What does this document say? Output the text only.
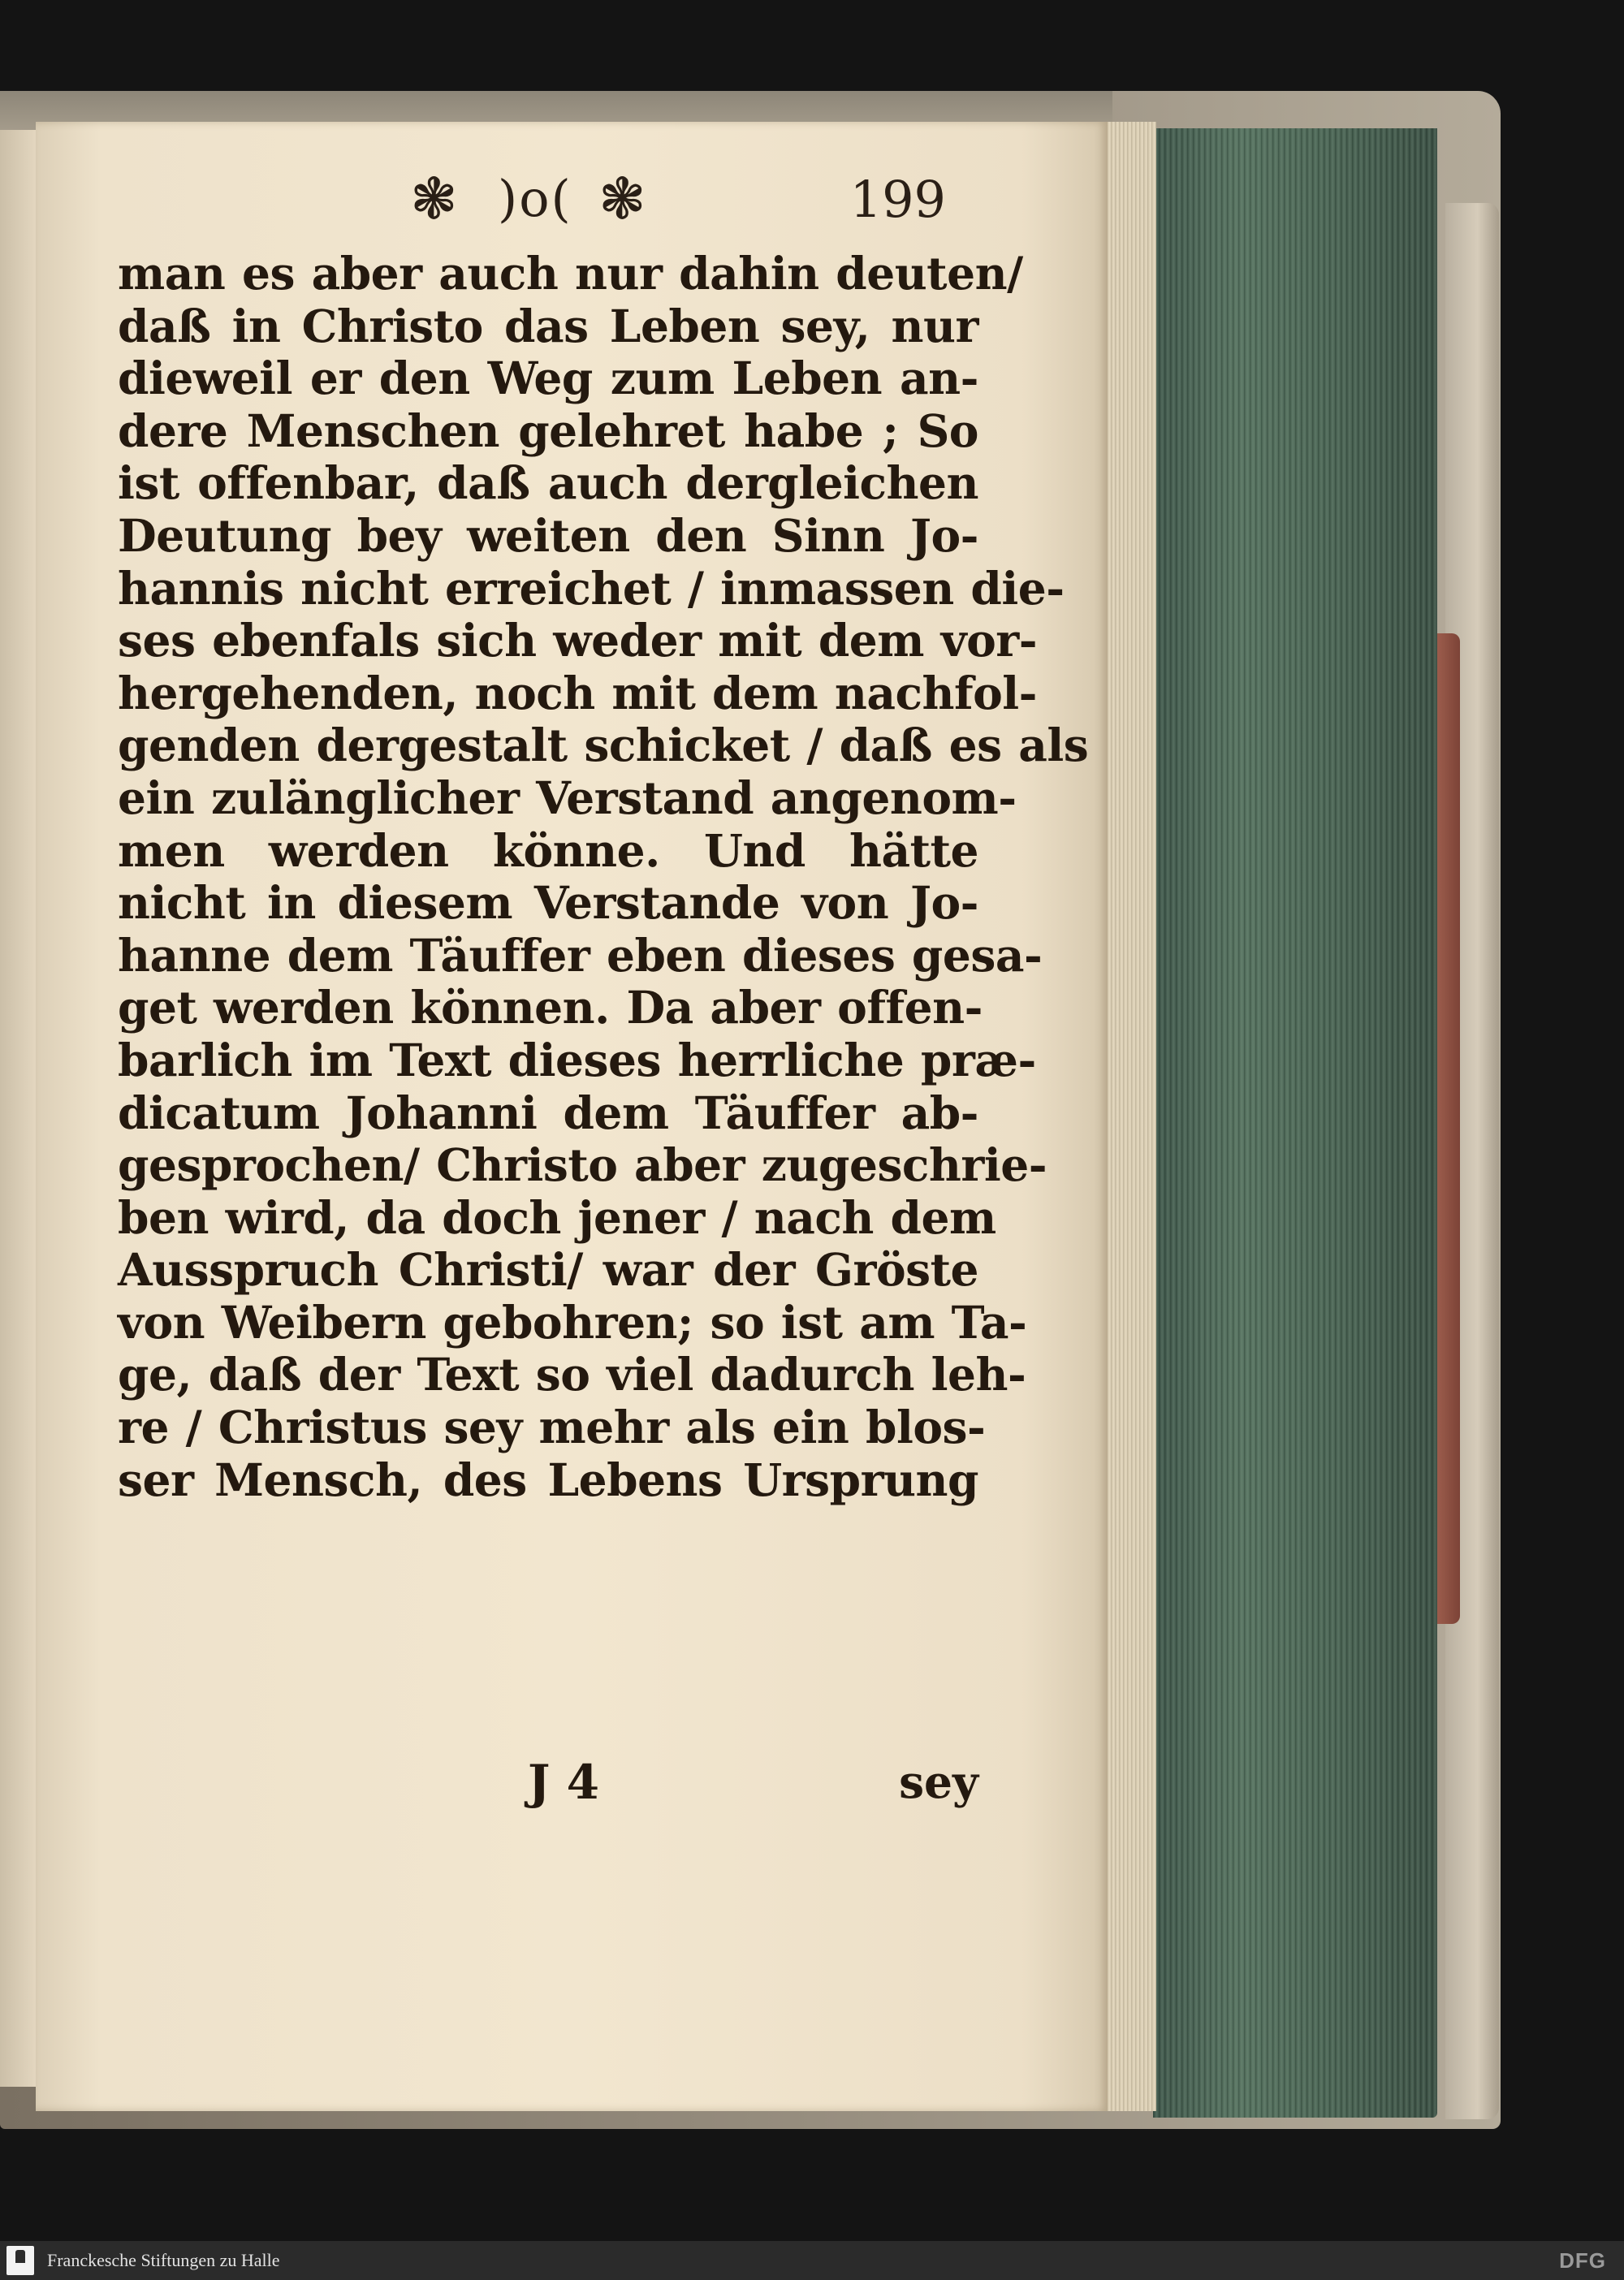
❃ )o( ❃	199
man es aber auch nur dahin deuten/
daß in Christo das Leben sey, nur
dieweil er den Weg zum Leben an-
dere Menschen gelehret habe ; So
ist offenbar, daß auch dergleichen
Deutung bey weiten den Sinn Jo-
hannis nicht erreichet / inmassen die-
ses ebenfals sich weder mit dem vor-
hergehenden, noch mit dem nachfol-
genden dergestalt schicket / daß es als
ein zulänglicher Verstand angenom-
men werden könne. Und hätte
nicht in diesem Verstande von Jo-
hanne dem Täuffer eben dieses gesa-
get werden können. Da aber offen-
barlich im Text dieses herrliche præ-
dicatum Johanni dem Täuffer ab-
gesprochen/ Christo aber zugeschrie-
ben wird, da doch jener / nach dem
Ausspruch Christi/ war der Gröste
von Weibern gebohren; so ist am Ta-
ge, daß der Text so viel dadurch leh-
re / Christus sey mehr als ein blos-
ser Mensch, des Lebens Ursprung
J 4	sey
Franckesche Stiftungen zu Halle	DFG
